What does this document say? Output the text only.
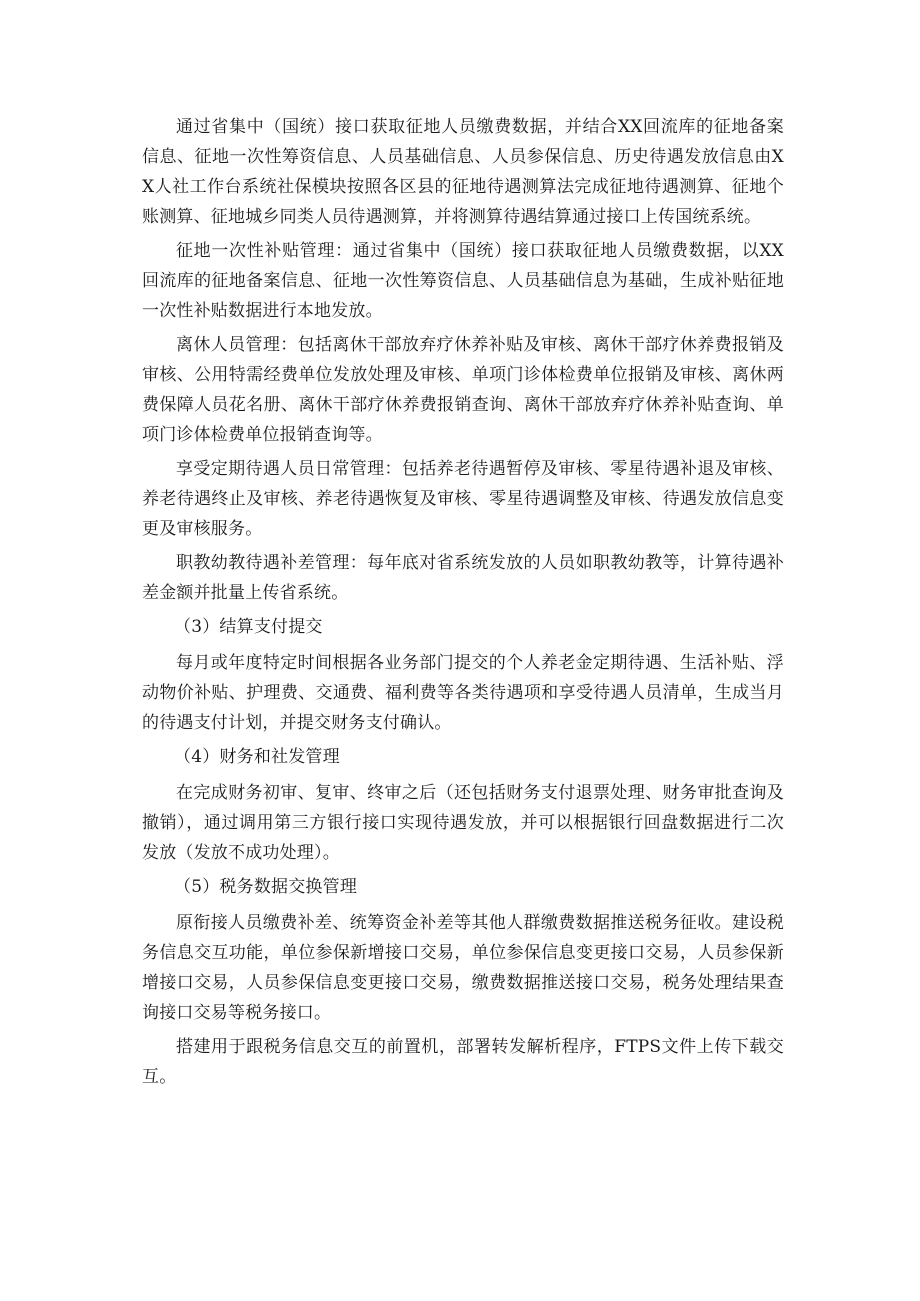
通过省集中（国统）接口获取征地人员缴费数据，并结合XX回流库的征地备案信息、征地一次性筹资信息、人员基础信息、人员参保信息、历史待遇发放信息由XX人社工作台系统社保模块按照各区县的征地待遇测算法完成征地待遇测算、征地个账测算、征地城乡同类人员待遇测算，并将测算待遇结算通过接口上传国统系统。

征地一次性补贴管理：通过省集中（国统）接口获取征地人员缴费数据，以XX回流库的征地备案信息、征地一次性筹资信息、人员基础信息为基础，生成补贴征地一次性补贴数据进行本地发放。

离休人员管理：包括离休干部放弃疗休养补贴及审核、离休干部疗休养费报销及审核、公用特需经费单位发放处理及审核、单项门诊体检费单位报销及审核、离休两费保障人员花名册、离休干部疗休养费报销查询、离休干部放弃疗休养补贴查询、单项门诊体检费单位报销查询等。

享受定期待遇人员日常管理：包括养老待遇暂停及审核、零星待遇补退及审核、养老待遇终止及审核、养老待遇恢复及审核、零星待遇调整及审核、待遇发放信息变更及审核服务。

职教幼教待遇补差管理：每年底对省系统发放的人员如职教幼教等，计算待遇补差金额并批量上传省系统。

（3）结算支付提交

每月或年度特定时间根据各业务部门提交的个人养老金定期待遇、生活补贴、浮动物价补贴、护理费、交通费、福利费等各类待遇项和享受待遇人员清单，生成当月的待遇支付计划，并提交财务支付确认。

（4）财务和社发管理

在完成财务初审、复审、终审之后（还包括财务支付退票处理、财务审批查询及撤销），通过调用第三方银行接口实现待遇发放，并可以根据银行回盘数据进行二次发放（发放不成功处理）。

（5）税务数据交换管理

原衔接人员缴费补差、统筹资金补差等其他人群缴费数据推送税务征收。建设税务信息交互功能，单位参保新增接口交易，单位参保信息变更接口交易，人员参保新增接口交易，人员参保信息变更接口交易，缴费数据推送接口交易，税务处理结果查询接口交易等税务接口。

搭建用于跟税务信息交互的前置机，部署转发解析程序，FTPS文件上传下载交互。
